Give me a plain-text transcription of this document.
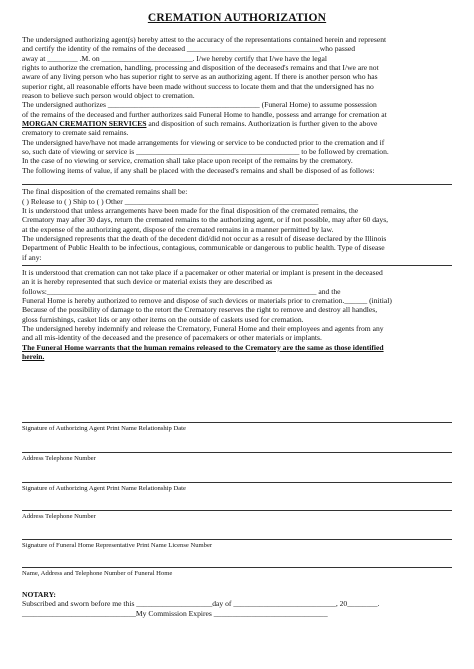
CREMATION AUTHORIZATION
The undersigned authorizing agent(s) hereby attest to the accuracy of the representations contained herein and represent
and certify the identity of the remains of the deceased ___________________________________who passed
away at ________ .M. on ________________________. I/we hereby certify that I/we have the legal
rights to authorize the cremation, handling, processing and disposition of the deceased's remains and that I/we are not
aware of any living person who has superior right to serve as an authorizing agent. If there is another person who has
superior right, all reasonable efforts have been made without success to locate them and that the undersigned has no
reason to believe such person would object to cremation.
The undersigned authorizes ________________________________________ (Funeral Home) to assume possession
of the remains of the deceased and further authorizes said Funeral Home to handle, possess and arrange for cremation at
MORGAN CREMATION SERVICES and disposition of such remains. Authorization is further given to the above
crematory to cremate said remains.
The undersigned have/have not made arrangements for viewing or service to be conducted prior to the cremation and if
so, such date of viewing or service is ___________________________________________ to be followed by cremation.
In the case of no viewing or service, cremation shall take place upon receipt of the remains by the crematory.
The following items of value, if any shall be placed with the deceased's remains and shall be disposed of as follows:
The final disposition of the cremated remains shall be:
( ) Release to ( ) Ship to ( ) Other ___________________________________________________
It is understood that unless arrangements have been made for the final disposition of the cremated remains, the
Crematory may after 30 days, return the cremated remains to the authorizing agent, or if not possible, may after 60 days,
at the expense of the authorizing agent, dispose of the cremated remains in a manner permitted by law.
The undersigned represents that the death of the decedent did/did not occur as a result of disease declared by the Illinois
Department of Public Health to be infectious, contagious, communicable or dangerous to public health. Type of disease
if any:
It is understood that cremation can not take place if a pacemaker or other material or implant is present in the deceased
an it is hereby represented that such device or material exists they are described as
follows:_______________________________________________________________________ and the
Funeral Home is hereby authorized to remove and dispose of such devices or materials prior to cremation.______ (initial)
Because of the possibility of damage to the retort the Crematory reserves the right to remove and destroy all handles,
gloss furnishings, casket lids or any other items on the outside of caskets used for cremation.
The undersigned hereby indemnify and release the Crematory, Funeral Home and their employees and agents from any
and all mis-identity of the deceased and the presence of pacemakers or other materials or implants.
The Funeral Home warrants that the human remains released to the Crematory are the same as those identified
herein.
Signature of Authorizing Agent Print Name Relationship Date
Address Telephone Number
Signature of Authorizing Agent Print Name Relationship Date
Address Telephone Number
Signature of Funeral Home Representative Print Name License Number
Name, Address and Telephone Number of Funeral Home
NOTARY:
Subscribed and sworn before me this ____________________day of ___________________________, 20________.
______________________________My Commission Expires ______________________________
